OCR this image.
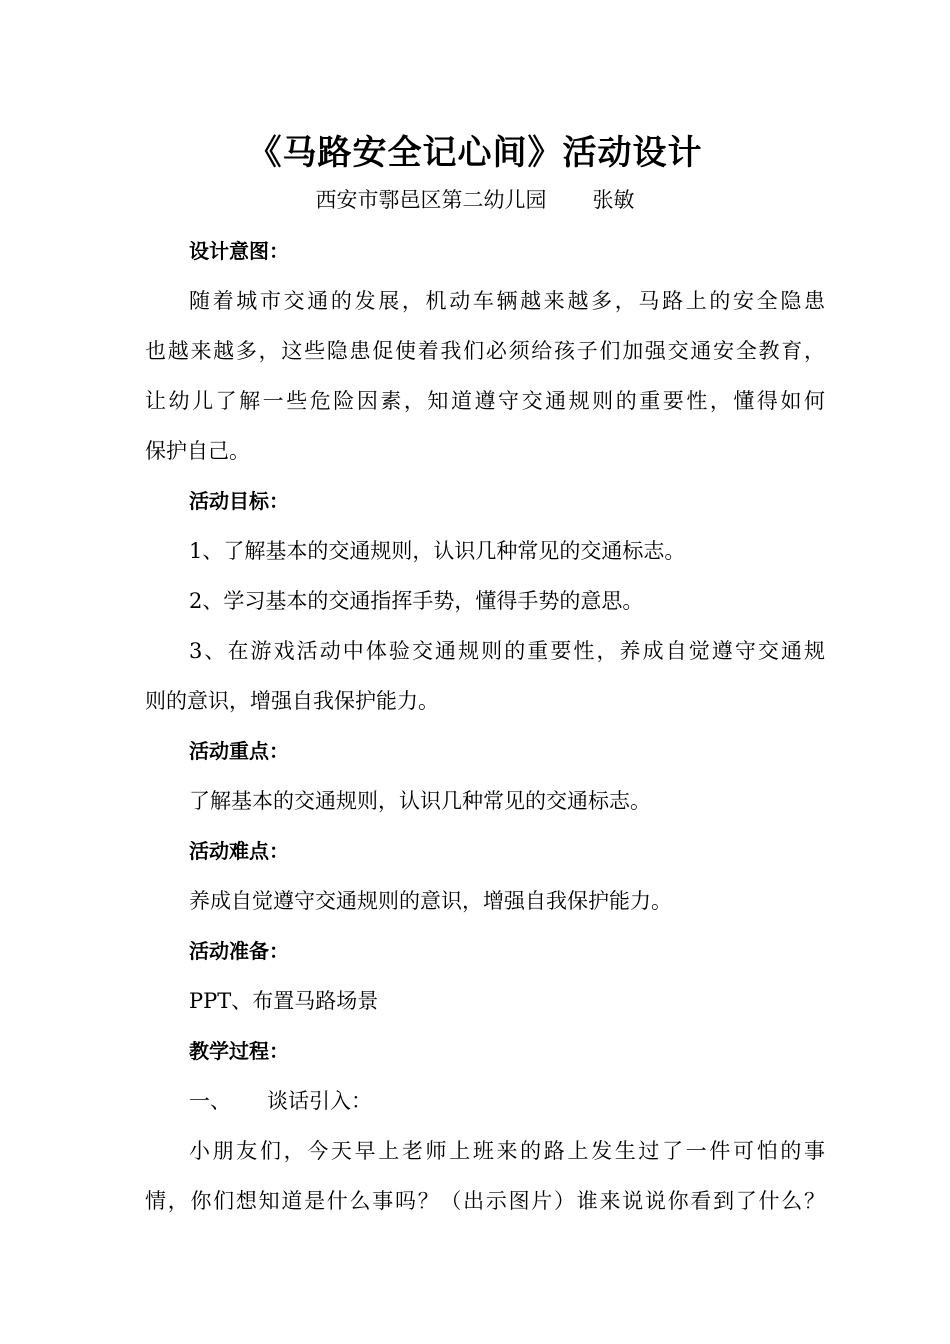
《马路安全记心间》活动设计
西安市鄠邑区第二幼儿园 张敏
设计意图：
随着城市交通的发展，机动车辆越来越多，马路上的安全隐患
也越来越多，这些隐患促使着我们必须给孩子们加强交通安全教育，
让幼儿了解一些危险因素，知道遵守交通规则的重要性，懂得如何
保护自己。
活动目标：
1、了解基本的交通规则，认识几种常见的交通标志。
2、学习基本的交通指挥手势，懂得手势的意思。
3、在游戏活动中体验交通规则的重要性，养成自觉遵守交通规
则的意识，增强自我保护能力。
活动重点：
了解基本的交通规则，认识几种常见的交通标志。
活动难点：
养成自觉遵守交通规则的意识，增强自我保护能力。
活动准备：
PPT、布置马路场景
教学过程：
一、 谈话引入：
小朋友们，今天早上老师上班来的路上发生过了一件可怕的事
情，你们想知道是什么事吗？（出示图片）谁来说说你看到了什么？
